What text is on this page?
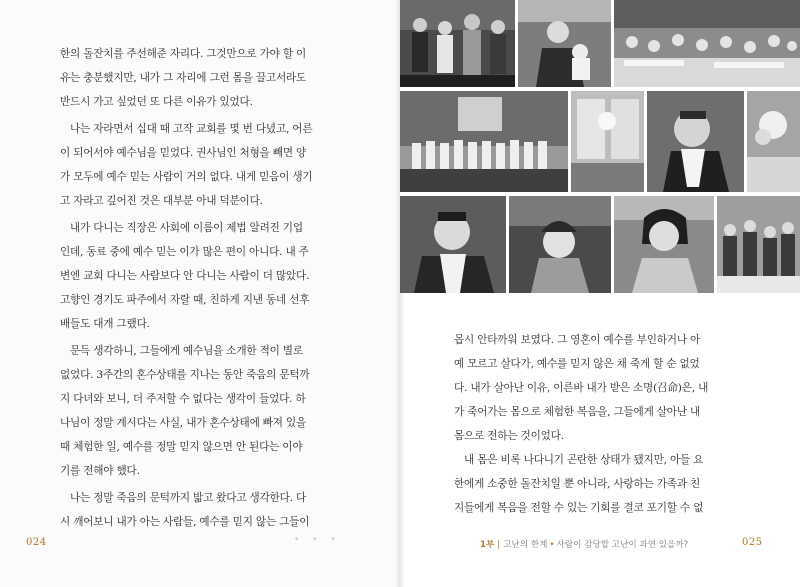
한의 돌잔치를 주선해준 자리다. 그것만으로 가야 할 이
유는 충분했지만, 내가 그 자리에 그런 몸을 끌고서라도
반드시 가고 싶었던 또 다른 이유가 있었다.
나는 자라면서 십대 때 고작 교회를 몇 번 다녔고, 어른
이 되어서야 예수님을 믿었다. 권사님인 처형을 빼면 양
가 모두에 예수 믿는 사람이 거의 없다. 내게 믿음이 생기
고 자라고 깊어진 것은 대부분 아내 덕분이다.
내가 다니는 직장은 사회에 이름이 제법 알려진 기업
인데, 동료 중에 예수 믿는 이가 많은 편이 아니다. 내 주
변엔 교회 다니는 사람보다 안 다니는 사람이 더 많았다.
고향인 경기도 파주에서 자랄 때, 친하게 지낸 동네 선후
배들도 대개 그랬다.
문득 생각하니, 그들에게 예수님을 소개한 적이 별로
없었다. 3주간의 혼수상태를 지나는 동안 죽음의 문턱까
지 다녀와 보니, 더 주저할 수 없다는 생각이 들었다. 하
나님이 정말 계시다는 사실, 내가 혼수상태에 빠져 있을
때 체험한 일, 예수를 정말 믿지 않으면 안 된다는 이야
기를 전해야 했다.
나는 정말 죽음의 문턱까지 밟고 왔다고 생각한다. 다
시 깨어보니 내가 아는 사람들, 예수를 믿지 않는 그들이
024	• • •
몹시 안타까워 보였다. 그 영혼이 예수를 부인하거나 아
예 모르고 살다가, 예수를 믿지 않은 채 죽게 할 순 없었
다. 내가 살아난 이유, 이른바 내가 받은 소명(召命)은, 내
가 죽어가는 몸으로 체험한 복음을, 그들에게 살아난 내
몸으로 전하는 것이었다.
내 몸은 비록 나다니기 곤란한 상태가 됐지만, 아들 요
한에게 소중한 돌잔치일 뿐 아니라, 사랑하는 가족과 친
지들에게 복음을 전할 수 있는 기회를 결코 포기할 수 없
1부 | 고난의 한계 • 사람이 감당할 고난이 과연 있을까?	025
